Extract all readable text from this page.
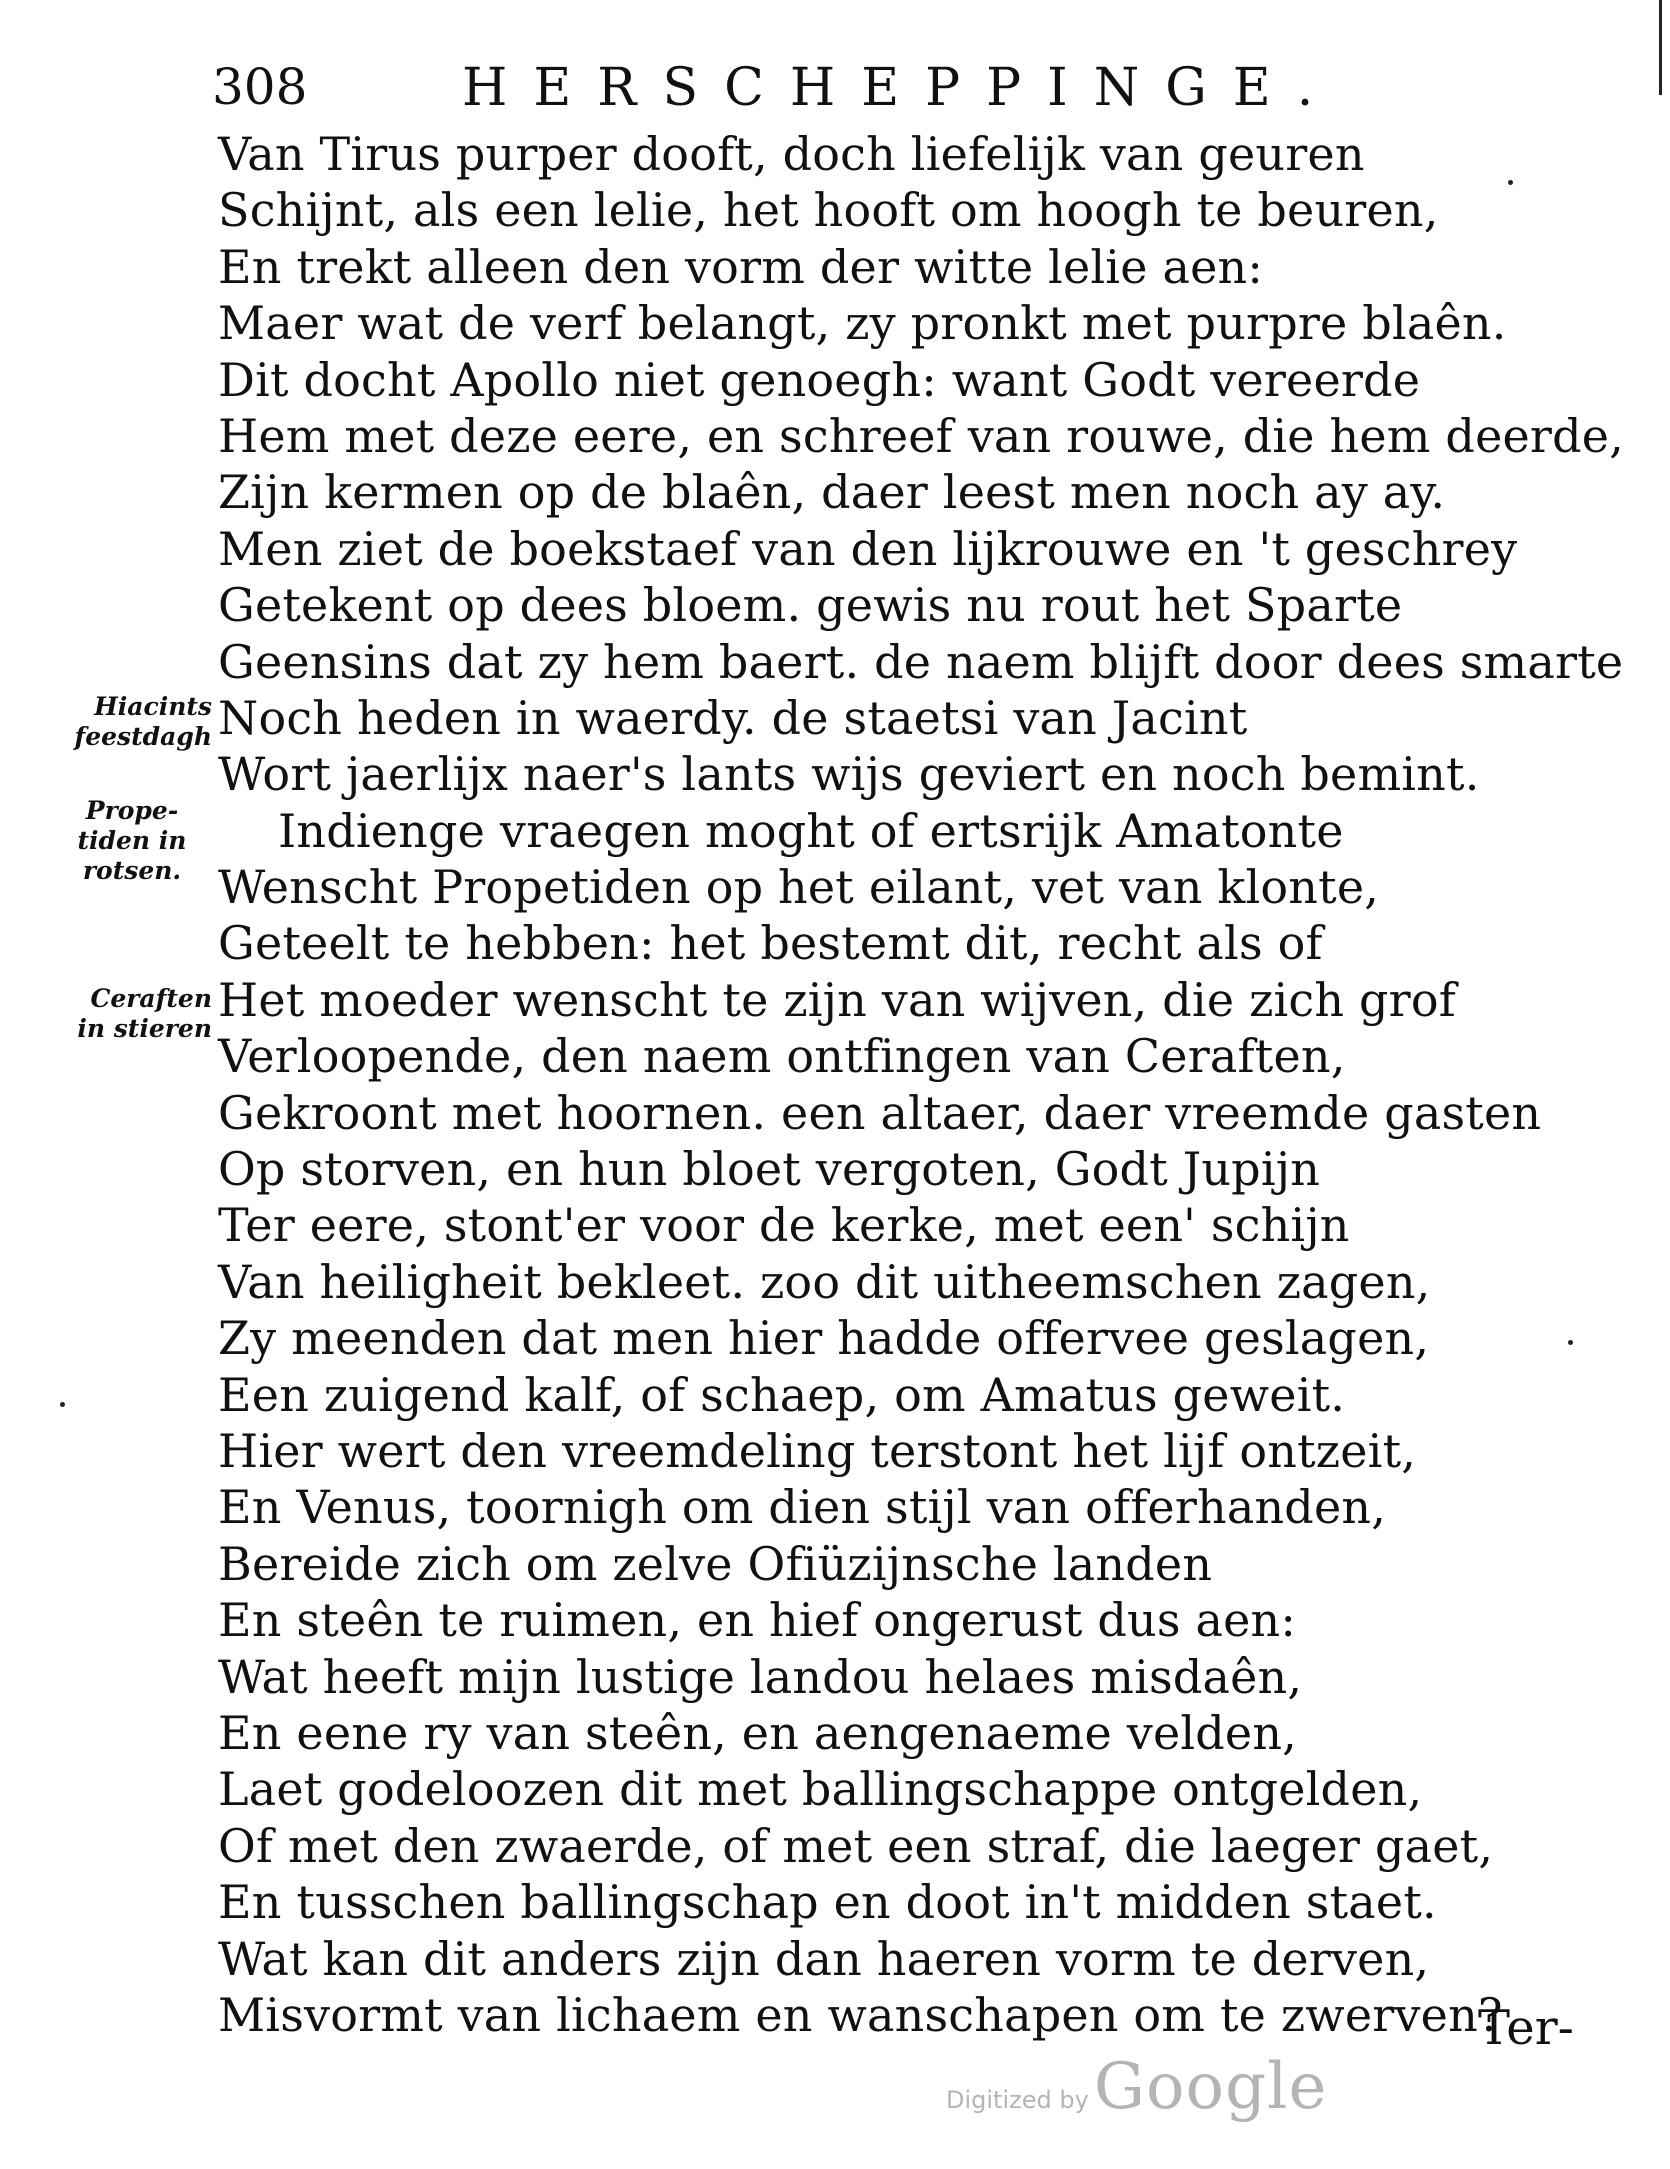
308	HERSCHEPPINGE.
Van Tirus purper dooft, doch liefelijk van geuren
Schijnt, als een lelie, het hooft om hoogh te beuren,
En trekt alleen den vorm der witte lelie aen:
Maer wat de verf belangt, zy pronkt met purpre blaên.
Dit docht Apollo niet genoegh: want Godt vereerde
Hem met deze eere, en schreef van rouwe, die hem deerde,
Zijn kermen op de blaên, daer leest men noch ay ay.
Men ziet de boekstaef van den lijkrouwe en 't geschrey
Getekent op dees bloem. gewis nu rout het Sparte
Geensins dat zy hem baert. de naem blijft door dees smarte
Noch heden in waerdy. de staetsi van Jacint
Wort jaerlijx naer's lants wijs geviert en noch bemint.
Indienge vraegen moght of ertsrijk Amatonte
Wenscht Propetiden op het eilant, vet van klonte,
Geteelt te hebben: het bestemt dit, recht als of
Het moeder wenscht te zijn van wijven, die zich grof
Verloopende, den naem ontfingen van Ceraften,
Gekroont met hoornen. een altaer, daer vreemde gasten
Op storven, en hun bloet vergoten, Godt Jupijn
Ter eere, stont'er voor de kerke, met een' schijn
Van heiligheit bekleet. zoo dit uitheemschen zagen,
Zy meenden dat men hier hadde offervee geslagen,
Een zuigend kalf, of schaep, om Amatus geweit.
Hier wert den vreemdeling terstont het lijf ontzeit,
En Venus, toornigh om dien stijl van offerhanden,
Bereide zich om zelve Ofiüzijnsche landen
En steên te ruimen, en hief ongerust dus aen:
Wat heeft mijn lustige landou helaes misdaên,
En eene ry van steên, en aengenaeme velden,
Laet godeloozen dit met ballingschappe ontgelden,
Of met den zwaerde, of met een straf, die laeger gaet,
En tusschen ballingschap en doot in't midden staet.
Wat kan dit anders zijn dan haeren vorm te derven,
Misvormt van lichaem en wanschapen om te zwerven?
Hiacints
feestdagh
Prope-
tiden in
rotsen.
Ceraften
in stieren
Ter-
Digitized by Google
